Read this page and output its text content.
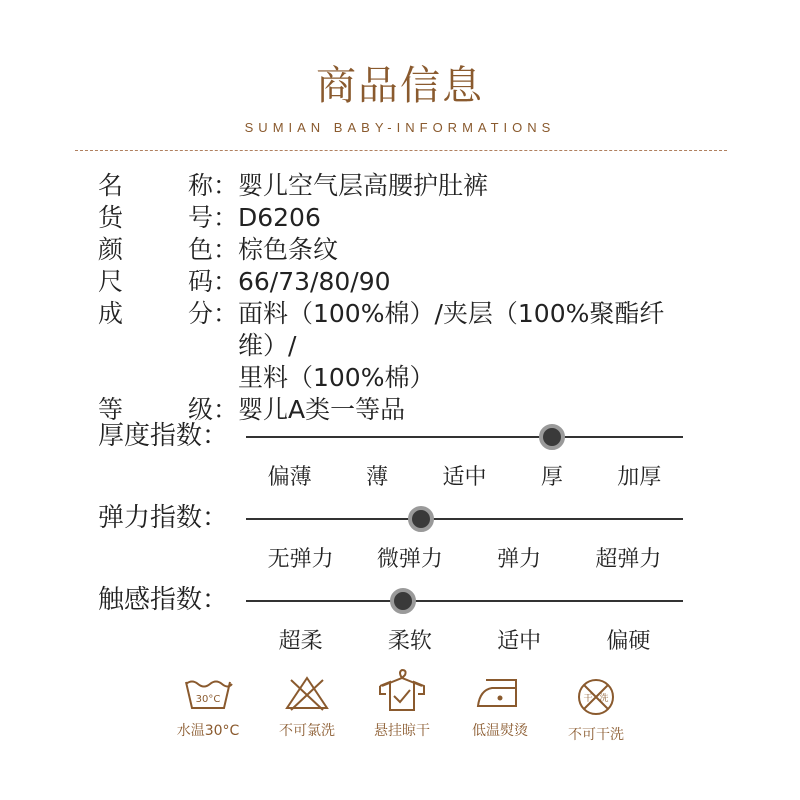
商品信息
SUMIAN BABY-INFORMATIONS
名	称 ： 婴儿空气层高腰护肚裤
货	号 ： D6206
颜	色 ： 棕色条纹
尺	码 ： 66/73/80/90
成	分 ： 面料（100%棉）/夹层（100%聚酯纤维）/
里料（100%棉）
等	级 ： 婴儿A类一等品
厚度指数：
偏薄 薄 适中 厚 加厚
弹力指数：
无弹力 微弹力 弹力 超弹力
触感指数：
超柔	柔软	适中	偏硬
30°C
水温30°C	不可氯洗	悬挂晾干	低温熨烫
干 洗
不可干洗
